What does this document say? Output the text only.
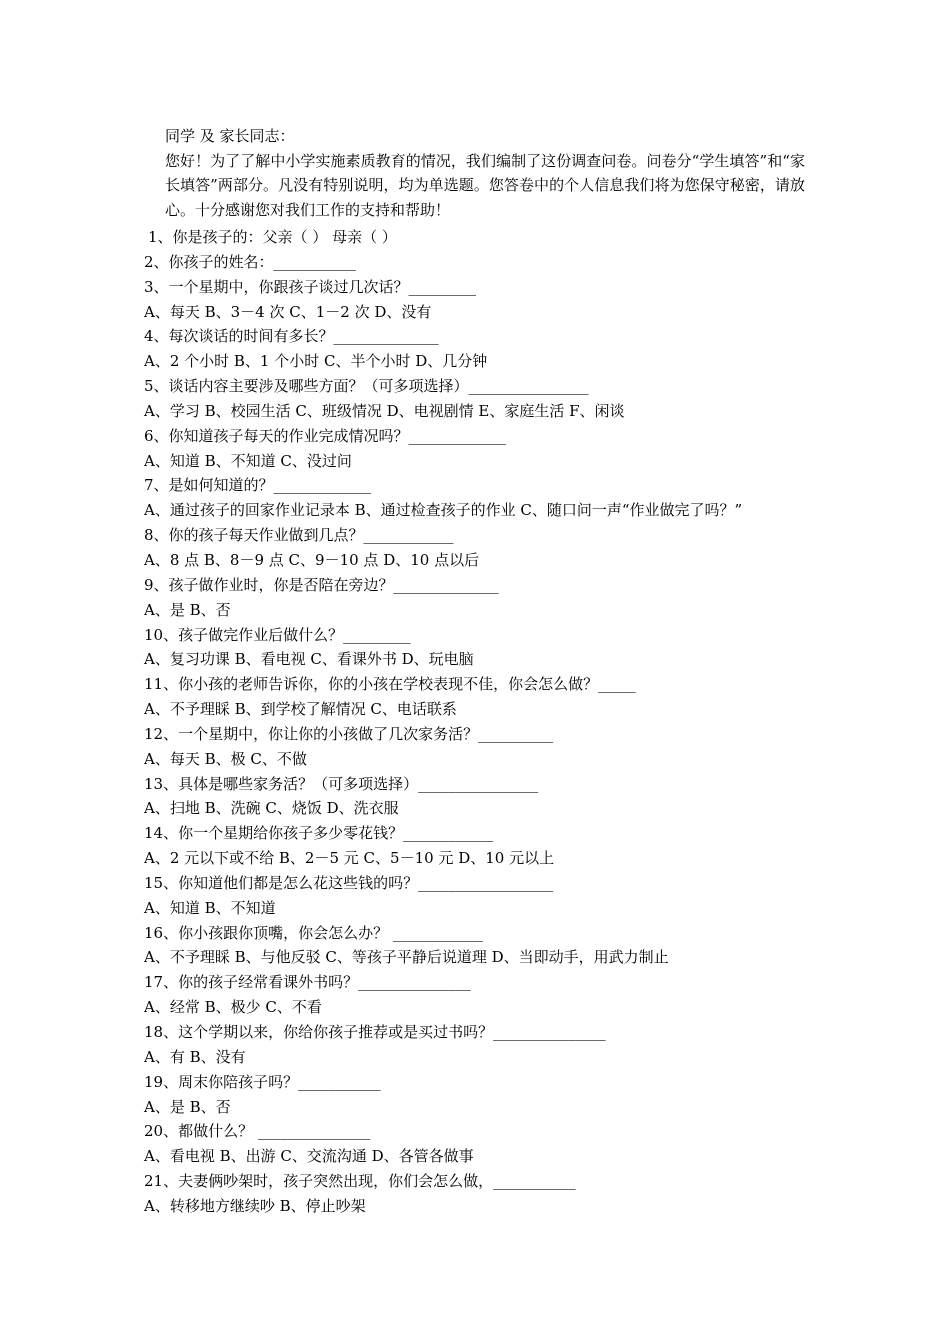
同学 及 家长同志：

您好！为了了解中小学实施素质教育的情况，我们编制了这份调查问卷。问卷分“学生填答”和“家长填答”两部分。凡没有特别说明，均为单选题。您答卷中的个人信息我们将为您保守秘密，请放心。十分感谢您对我们工作的支持和帮助！

1、你是孩子的：父亲（ ） 母亲（ ）
2、你孩子的姓名：___________
3、一个星期中，你跟孩子谈过几次话？_________
A、每天 B、3－4 次 C、1－2 次 D、没有
4、每次谈话的时间有多长？______________
A、2 个小时 B、1 个小时 C、半个小时 D、几分钟
5、谈话内容主要涉及哪些方面？（可多项选择）________________
A、学习 B、校园生活 C、班级情况 D、电视剧情 E、家庭生活 F、闲谈
6、你知道孩子每天的作业完成情况吗？_____________
A、知道 B、不知道 C、没过问
7、是如何知道的？_____________
A、通过孩子的回家作业记录本 B、通过检查孩子的作业 C、随口问一声“作业做完了吗？”
8、你的孩子每天作业做到几点？____________
A、8 点 B、8－9 点 C、9－10 点 D、10 点以后
9、孩子做作业时，你是否陪在旁边？______________
A、是 B、否
10、孩子做完作业后做什么？_________
A、复习功课 B、看电视 C、看课外书 D、玩电脑
11、你小孩的老师告诉你，你的小孩在学校表现不佳，你会怎么做？_____
A、不予理睬 B、到学校了解情况 C、电话联系
12、一个星期中，你让你的小孩做了几次家务活？__________
A、每天 B、极 C、不做
13、具体是哪些家务活？（可多项选择）________________
A、扫地 B、洗碗 C、烧饭 D、洗衣服
14、你一个星期给你孩子多少零花钱？____________
A、2 元以下或不给 B、2－5 元 C、5－10 元 D、10 元以上
15、你知道他们都是怎么花这些钱的吗？__________________
A、知道 B、不知道
16、你小孩跟你顶嘴，你会怎么办？ ____________
A、不予理睬 B、与他反驳 C、等孩子平静后说道理 D、当即动手，用武力制止
17、你的孩子经常看课外书吗？_______________
A、经常 B、极少 C、不看
18、这个学期以来，你给你孩子推荐或是买过书吗？_______________
A、有 B、没有
19、周末你陪孩子吗？___________
A、是 B、否
20、都做什么？ _______________
A、看电视 B、出游 C、交流沟通 D、各管各做事
21、夫妻俩吵架时，孩子突然出现，你们会怎么做，___________
A、转移地方继续吵 B、停止吵架
